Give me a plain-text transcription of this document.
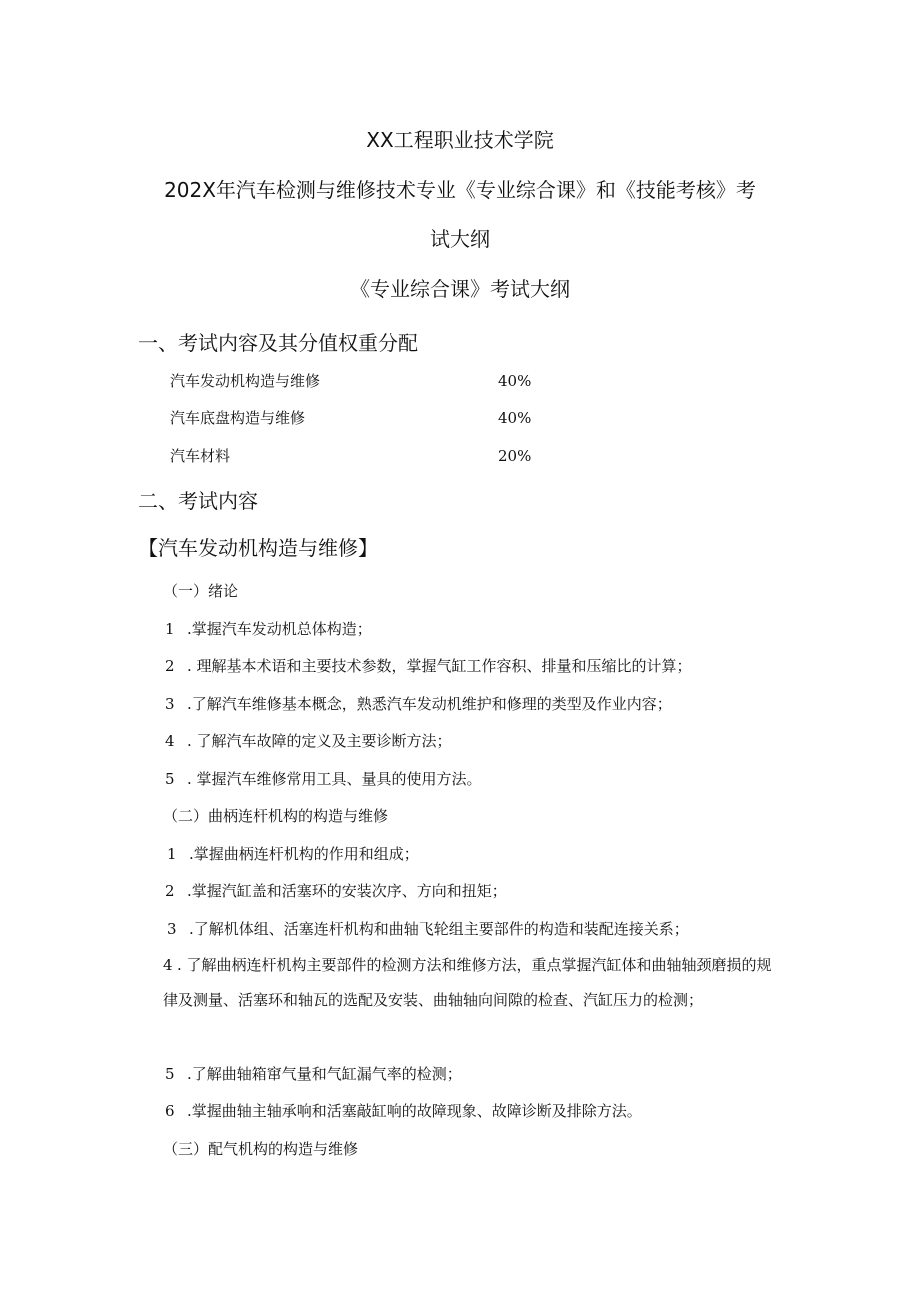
XX工程职业技术学院
202X年汽车检测与维修技术专业《专业综合课》和《技能考核》考
试大纲
《专业综合课》考试大纲
一、考试内容及其分值权重分配
汽车发动机构造与维修	40%
汽车底盘构造与维修	40%
汽车材料	20%
二、考试内容
【汽车发动机构造与维修】
（一）绪论
1 .掌握汽车发动机总体构造；
2 . 理解基本术语和主要技术参数，掌握气缸工作容积、排量和压缩比的计算；
3 .了解汽车维修基本概念，熟悉汽车发动机维护和修理的类型及作业内容；
4 . 了解汽车故障的定义及主要诊断方法；
5 . 掌握汽车维修常用工具、量具的使用方法。
（二）曲柄连杆机构的构造与维修
1 .掌握曲柄连杆机构的作用和组成；
2 .掌握汽缸盖和活塞环的安装次序、方向和扭矩；
3 .了解机体组、活塞连杆机构和曲轴飞轮组主要部件的构造和装配连接关系；
4 . 了解曲柄连杆机构主要部件的检测方法和维修方法，重点掌握汽缸体和曲轴轴颈磨损的规律及测量、活塞环和轴瓦的选配及安装、曲轴轴向间隙的检查、汽缸压力的检测；
5 .了解曲轴箱窜气量和气缸漏气率的检测；
6 .掌握曲轴主轴承响和活塞敲缸响的故障现象、故障诊断及排除方法。
（三）配气机构的构造与维修
